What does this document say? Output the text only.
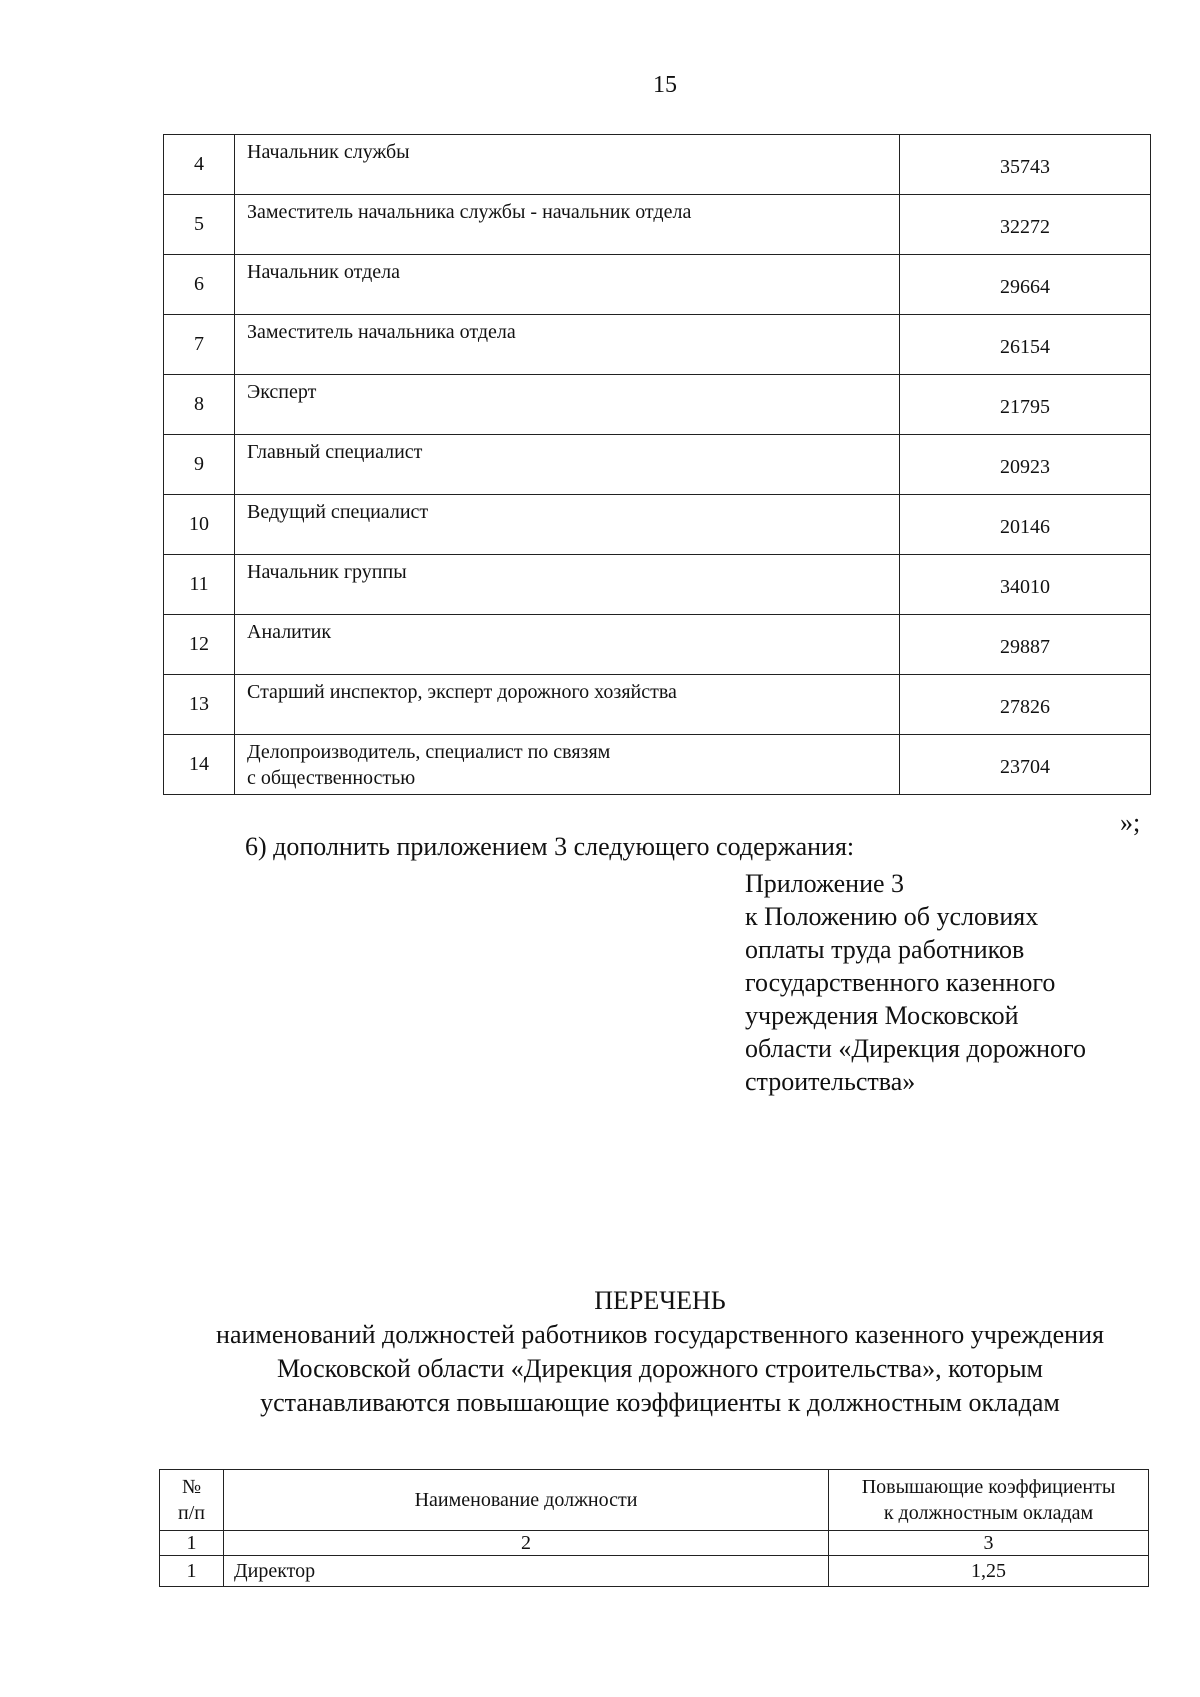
15
4	Начальник службы	35743
5	Заместитель начальника службы - начальник отдела	32272
6	Начальник отдела	29664
7	Заместитель начальника отдела	26154
8	Эксперт	21795
9	Главный специалист	20923
10	Ведущий специалист	20146
11	Начальник группы	34010
12	Аналитик	29887
13	Старший инспектор, эксперт дорожного хозяйства	27826
14	Делопроизводитель, специалист по связям
с общественностью	23704
»;
6) дополнить приложением 3 следующего содержания:
Приложение 3
к Положению об условиях
оплаты труда работников
государственного казенного
учреждения Московской
области «Дирекция дорожного
строительства»
ПЕРЕЧЕНЬ
наименований должностей работников государственного казенного учреждения
Московской области «Дирекция дорожного строительства», которым
устанавливаются повышающие коэффициенты к должностным окладам
№
п/п	Наименование должности	Повышающие коэффициенты
к должностным окладам
1	2	3
1	Директор	1,25
